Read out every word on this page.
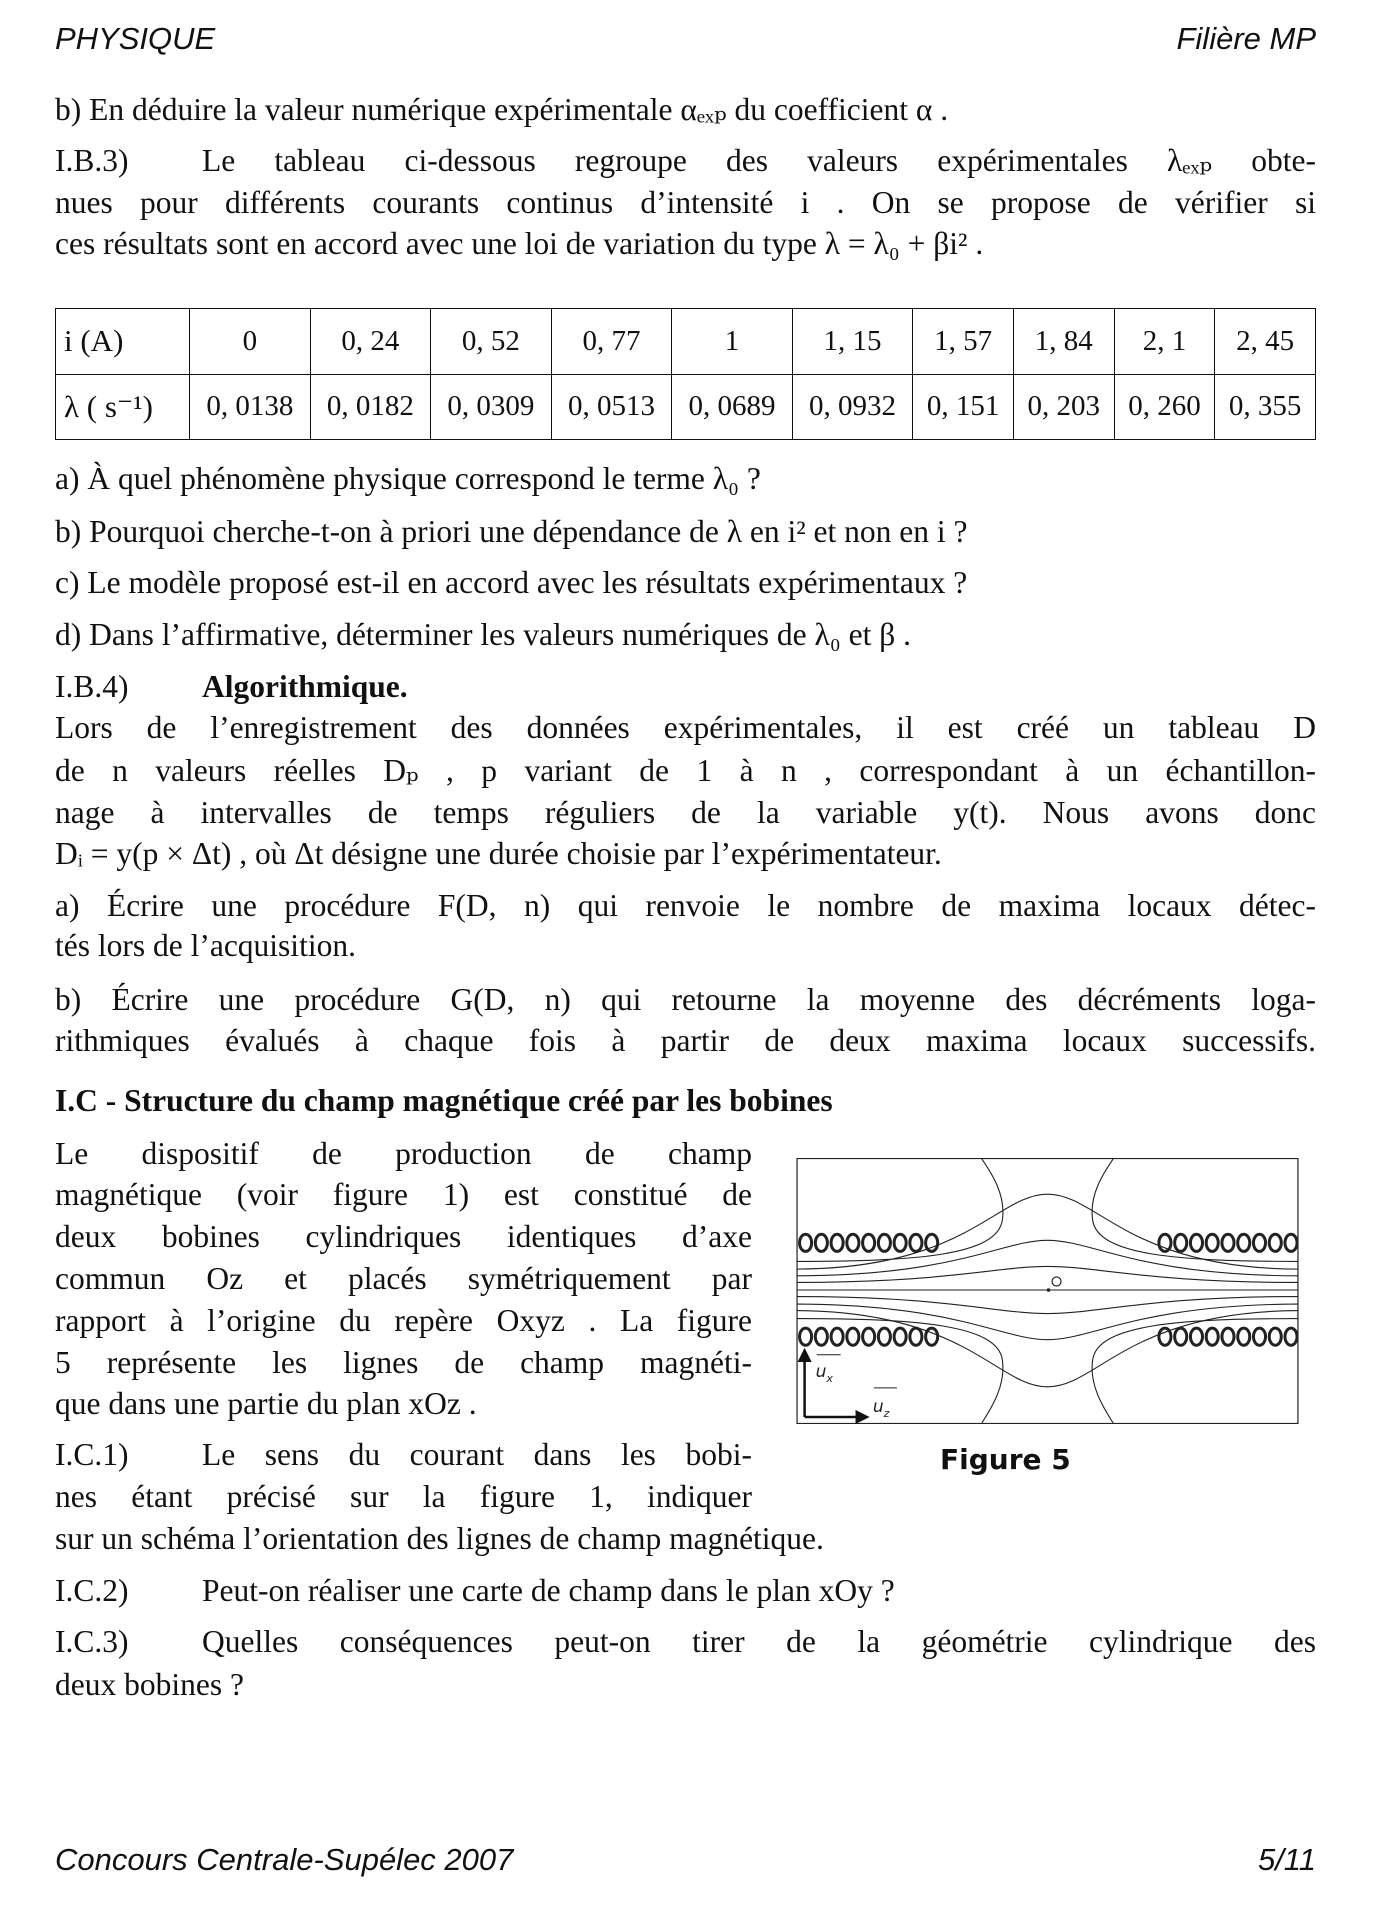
PHYSIQUE	Filière MP
b) En déduire la valeur numérique expérimentale αₑₓₚ du coefficient α .
I.B.3) Le tableau ci-dessous regroupe des valeurs expérimentales λₑₓₚ obte-
nues pour différents courants continus d’intensité i . On se propose de vérifier si
ces résultats sont en accord avec une loi de variation du type λ = λ₀ + βi² .
i (A)	0	0, 24	0, 52	0, 77	1	1, 15	1, 57	1, 84	2, 1	2, 45
λ ( s⁻¹)	0, 0138	0, 0182	0, 0309	0, 0513	0, 0689	0, 0932	0, 151	0, 203	0, 260	0, 355
a) À quel phénomène physique correspond le terme λ₀ ?
b) Pourquoi cherche-t-on à priori une dépendance de λ en i² et non en i ?
c) Le modèle proposé est-il en accord avec les résultats expérimentaux ?
d) Dans l’affirmative, déterminer les valeurs numériques de λ₀ et β .
I.B.4) Algorithmique.
Lors de l’enregistrement des données expérimentales, il est créé un tableau D
de n valeurs réelles Dₚ , p variant de 1 à n , correspondant à un échantillon-
nage à intervalles de temps réguliers de la variable y(t). Nous avons donc
Dᵢ = y(p × Δt) , où Δt désigne une durée choisie par l’expérimentateur.
a) Écrire une procédure F(D, n) qui renvoie le nombre de maxima locaux détec-
tés lors de l’acquisition.
b) Écrire une procédure G(D, n) qui retourne la moyenne des décréments loga-
rithmiques évalués à chaque fois à partir de deux maxima locaux successifs.
I.C - Structure du champ magnétique créé par les bobines
Le dispositif de production de champ
magnétique (voir figure 1) est constitué de
deux bobines cylindriques identiques d’axe
commun Oz et placés symétriquement par
rapport à l’origine du repère Oxyz . La figure
5 représente les lignes de champ magnéti-
que dans une partie du plan xOz .
I.C.1) Le sens du courant dans les bobi-
nes étant précisé sur la figure 1, indiquer
sur un schéma l’orientation des lignes de champ magnétique.
I.C.2) Peut-on réaliser une carte de champ dans le plan xOy ?
I.C.3) Quelles conséquences peut-on tirer de la géométrie cylindrique des
deux bobines ?
$u_x$
$u_z$
Figure 5
Concours Centrale-Supélec 2007	5/11
